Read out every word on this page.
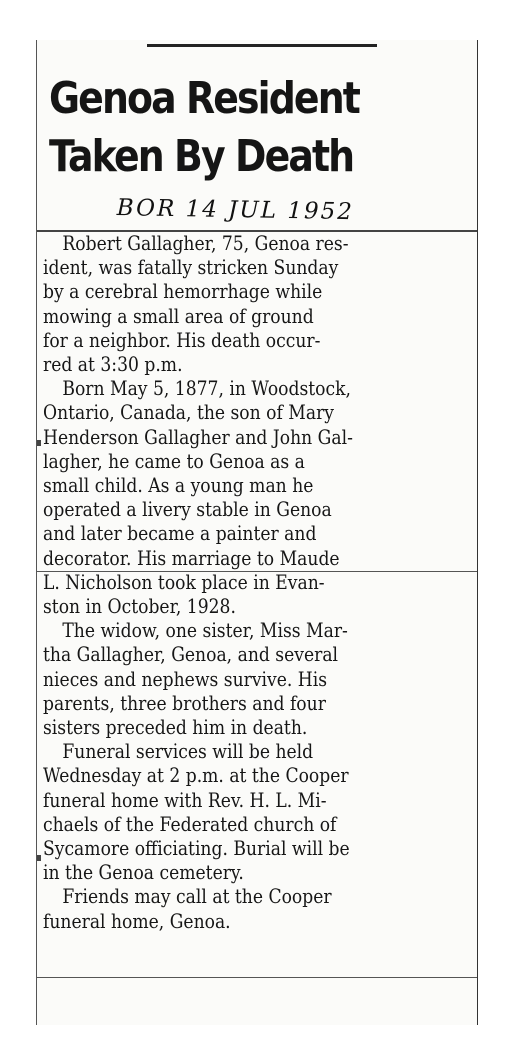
Genoa Resident
Taken By Death
BOR 14 JUL 1952
Robert Gallagher, 75, Genoa res-
ident, was fatally stricken Sunday
by a cerebral hemorrhage while
mowing a small area of ground
for a neighbor. His death occur-
red at 3:30 p.m.
Born May 5, 1877, in Woodstock,
Ontario, Canada, the son of Mary
Henderson Gallagher and John Gal-
lagher, he came to Genoa as a
small child. As a young man he
operated a livery stable in Genoa
and later became a painter and
decorator. His marriage to Maude
L. Nicholson took place in Evan-
ston in October, 1928.
The widow, one sister, Miss Mar-
tha Gallagher, Genoa, and several
nieces and nephews survive. His
parents, three brothers and four
sisters preceded him in death.
Funeral services will be held
Wednesday at 2 p.m. at the Cooper
funeral home with Rev. H. L. Mi-
chaels of the Federated church of
Sycamore officiating. Burial will be
in the Genoa cemetery.
Friends may call at the Cooper
funeral home, Genoa.
